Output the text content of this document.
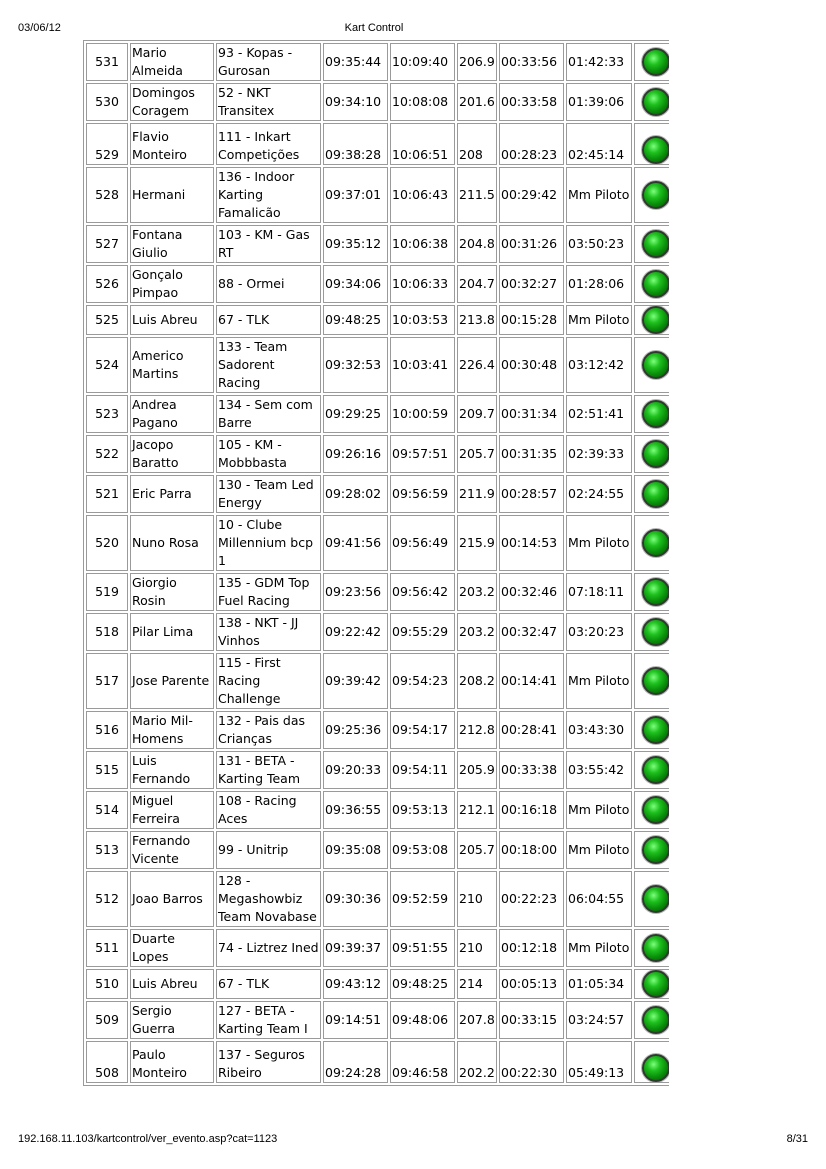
03/06/12	Kart Control
531	Mario Almeida	93 - Kopas - Gurosan	09:35:44	10:09:40	206.9	00:33:56	01:42:33	
530	Domingos Coragem	52 - NKT Transitex	09:34:10	10:08:08	201.6	00:33:58	01:39:06	
529	Flavio Monteiro	111 - Inkart Competições	09:38:28	10:06:51	208	00:28:23	02:45:14	
528	Hermani	136 - Indoor Karting Famalicão	09:37:01	10:06:43	211.5	00:29:42	Mm Piloto	
527	Fontana Giulio	103 - KM - Gas RT	09:35:12	10:06:38	204.8	00:31:26	03:50:23	
526	Gonçalo Pimpao	88 - Ormei	09:34:06	10:06:33	204.7	00:32:27	01:28:06	
525	Luis Abreu	67 - TLK	09:48:25	10:03:53	213.8	00:15:28	Mm Piloto	
524	Americo Martins	133 - Team Sadorent Racing	09:32:53	10:03:41	226.4	00:30:48	03:12:42	
523	Andrea Pagano	134 - Sem com Barre	09:29:25	10:00:59	209.7	00:31:34	02:51:41	
522	Jacopo Baratto	105 - KM - Mobbbasta	09:26:16	09:57:51	205.7	00:31:35	02:39:33	
521	Eric Parra	130 - Team Led Energy	09:28:02	09:56:59	211.9	00:28:57	02:24:55	
520	Nuno Rosa	10 - Clube Millennium bcp 1	09:41:56	09:56:49	215.9	00:14:53	Mm Piloto	
519	Giorgio Rosin	135 - GDM Top Fuel Racing	09:23:56	09:56:42	203.2	00:32:46	07:18:11	
518	Pilar Lima	138 - NKT - JJ Vinhos	09:22:42	09:55:29	203.2	00:32:47	03:20:23	
517	Jose Parente	115 - First Racing Challenge	09:39:42	09:54:23	208.2	00:14:41	Mm Piloto	
516	Mario Mil-Homens	132 - Pais das Crianças	09:25:36	09:54:17	212.8	00:28:41	03:43:30	
515	Luis Fernando	131 - BETA - Karting Team	09:20:33	09:54:11	205.9	00:33:38	03:55:42	
514	Miguel Ferreira	108 - Racing Aces	09:36:55	09:53:13	212.1	00:16:18	Mm Piloto	
513	Fernando Vicente	99 - Unitrip	09:35:08	09:53:08	205.7	00:18:00	Mm Piloto	
512	Joao Barros	128 - Megashowbiz Team Novabase	09:30:36	09:52:59	210	00:22:23	06:04:55	
511	Duarte Lopes	74 - Liztrez Ined	09:39:37	09:51:55	210	00:12:18	Mm Piloto	
510	Luis Abreu	67 - TLK	09:43:12	09:48:25	214	00:05:13	01:05:34	
509	Sergio Guerra	127 - BETA - Karting Team I	09:14:51	09:48:06	207.8	00:33:15	03:24:57	
508	Paulo Monteiro	137 - Seguros Ribeiro	09:24:28	09:46:58	202.2	00:22:30	05:49:13	
192.168.11.103/kartcontrol/ver_evento.asp?cat=1123	8/31
